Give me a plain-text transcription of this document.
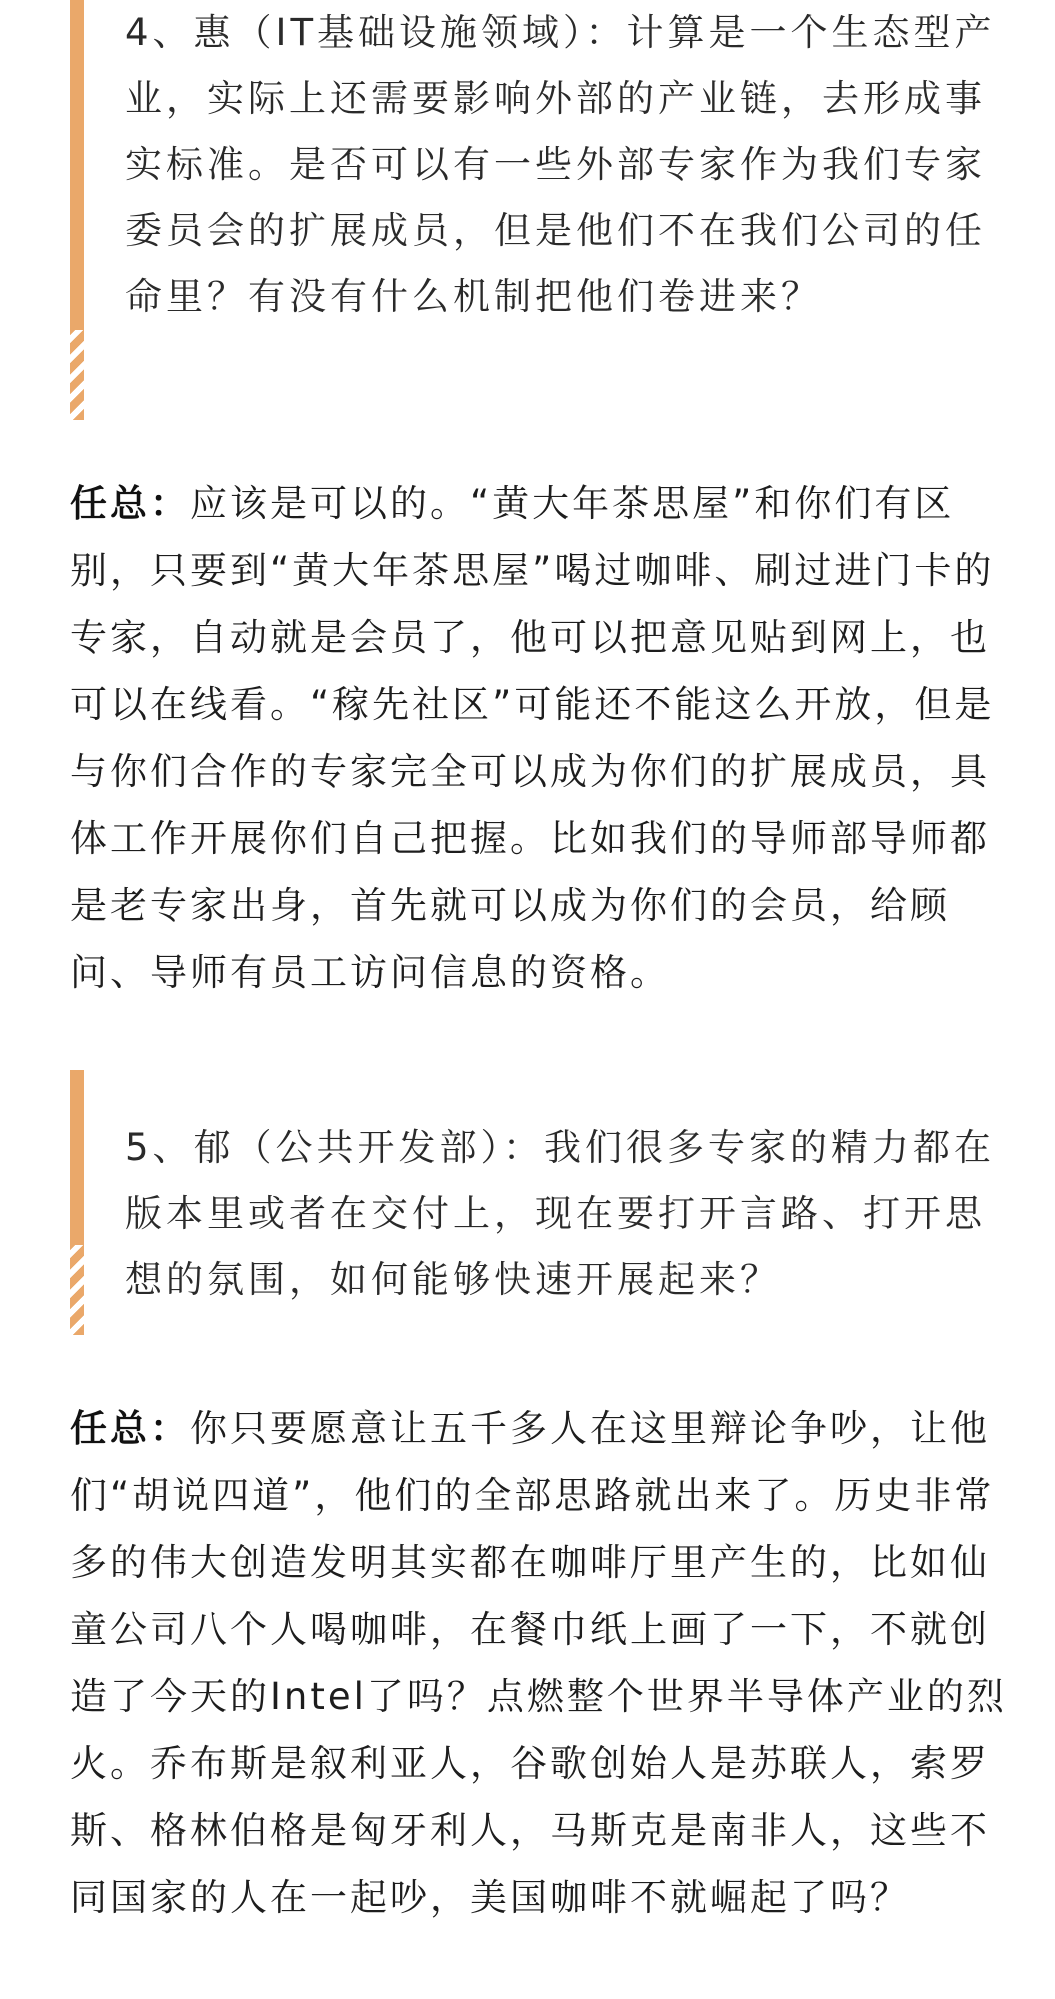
4、惠（IT基础设施领域）：计算是一个生态型产业，实际上还需要影响外部的产业链，去形成事实标准。是否可以有一些外部专家作为我们专家委员会的扩展成员，但是他们不在我们公司的任命里？有没有什么机制把他们卷进来？

任总：应该是可以的。“黄大年茶思屋”和你们有区别，只要到“黄大年茶思屋”喝过咖啡、刷过进门卡的专家，自动就是会员了，他可以把意见贴到网上，也可以在线看。“稼先社区”可能还不能这么开放，但是与你们合作的专家完全可以成为你们的扩展成员，具体工作开展你们自己把握。比如我们的导师部导师都是老专家出身，首先就可以成为你们的会员，给顾问、导师有员工访问信息的资格。

5、郁（公共开发部）：我们很多专家的精力都在版本里或者在交付上，现在要打开言路、打开思想的氛围，如何能够快速开展起来？

任总：你只要愿意让五千多人在这里辩论争吵，让他们“胡说四道”，他们的全部思路就出来了。历史非常多的伟大创造发明其实都在咖啡厅里产生的，比如仙童公司八个人喝咖啡，在餐巾纸上画了一下，不就创造了今天的Intel了吗？点燃整个世界半导体产业的烈火。乔布斯是叙利亚人，谷歌创始人是苏联人，索罗斯、格林伯格是匈牙利人，马斯克是南非人，这些不同国家的人在一起吵，美国咖啡不就崛起了吗？
